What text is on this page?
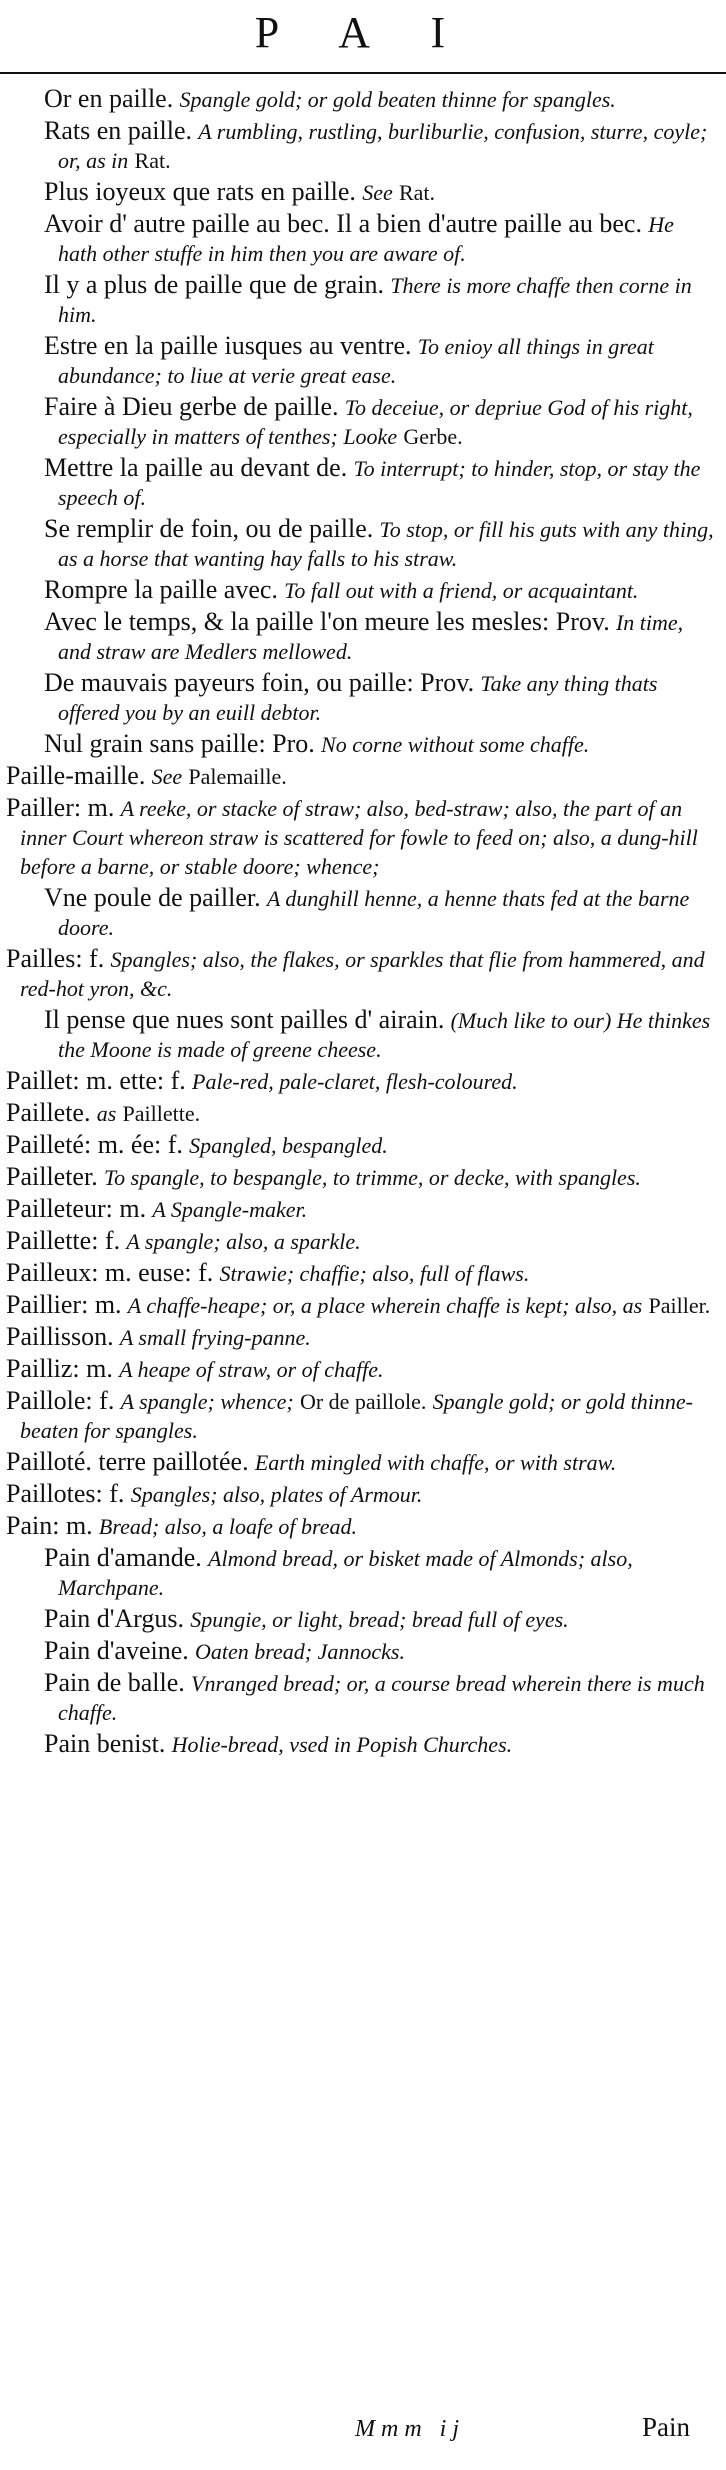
P A I
Or en paille. Spangle gold; or gold beaten thinne for spangles.
Rats en paille. A rumbling, rustling, burliburlie, confusion, sturre, coyle; or, as in Rat.
Plus ioyeux que rats en paille. See Rat.
Avoir d' autre paille au bec. Il a bien d'autre paille au bec. He hath other stuffe in him then you are aware of.
Il y a plus de paille que de grain. There is more chaffe then corne in him.
Estre en la paille iusques au ventre. To enioy all things in great abundance; to liue at verie great ease.
Faire à Dieu gerbe de paille. To deceiue, or depriue God of his right, especially in matters of tenthes; Looke Gerbe.
Mettre la paille au devant de. To interrupt; to hinder, stop, or stay the speech of.
Se remplir de foin, ou de paille. To stop, or fill his guts with any thing, as a horse that wanting hay falls to his straw.
Rompre la paille avec. To fall out with a friend, or acquaintant.
Avec le temps, & la paille l'on meure les mesles: Prov. In time, and straw are Medlers mellowed.
De mauvais payeurs foin, ou paille: Prov. Take any thing thats offered you by an euill debtor.
Nul grain sans paille: Pro. No corne without some chaffe.
Paille-maille. See Palemaille.
Pailler: m. A reeke, or stacke of straw; also, bed-straw; also, the part of an inner Court whereon straw is scattered for fowle to feed on; also, a dung-hill before a barne, or stable doore; whence;
Vne poule de pailler. A dunghill henne, a henne thats fed at the barne doore.
Pailles: f. Spangles; also, the flakes, or sparkles that flie from hammered, and red-hot yron, &c.
Il pense que nues sont pailles d' airain. (Much like to our) He thinkes the Moone is made of greene cheese.
Paillet: m. ette: f. Pale-red, pale-claret, flesh-coloured.
Paillete. as Paillette.
Pailleté: m. ée: f. Spangled, bespangled.
Pailleter. To spangle, to bespangle, to trimme, or decke, with spangles.
Pailleteur: m. A Spangle-maker.
Paillette: f. A spangle; also, a sparkle.
Pailleux: m. euse: f. Strawie; chaffie; also, full of flaws.
Paillier: m. A chaffe-heape; or, a place wherein chaffe is kept; also, as Pailler.
Paillisson. A small frying-panne.
Pailliz: m. A heape of straw, or of chaffe.
Paillole: f. A spangle; whence; Or de paillole. Spangle gold; or gold thinne-beaten for spangles.
Pailloté. terre paillotée. Earth mingled with chaffe, or with straw.
Paillotes: f. Spangles; also, plates of Armour.
Pain: m. Bread; also, a loafe of bread.
Pain d'amande. Almond bread, or bisket made of Almonds; also, Marchpane.
Pain d'Argus. Spungie, or light, bread; bread full of eyes.
Pain d'aveine. Oaten bread; Jannocks.
Pain de balle. Vnranged bread; or, a course bread wherein there is much chaffe.
Pain benist. Holie-bread, vsed in Popish Churches.
Mmm ij	Pain
